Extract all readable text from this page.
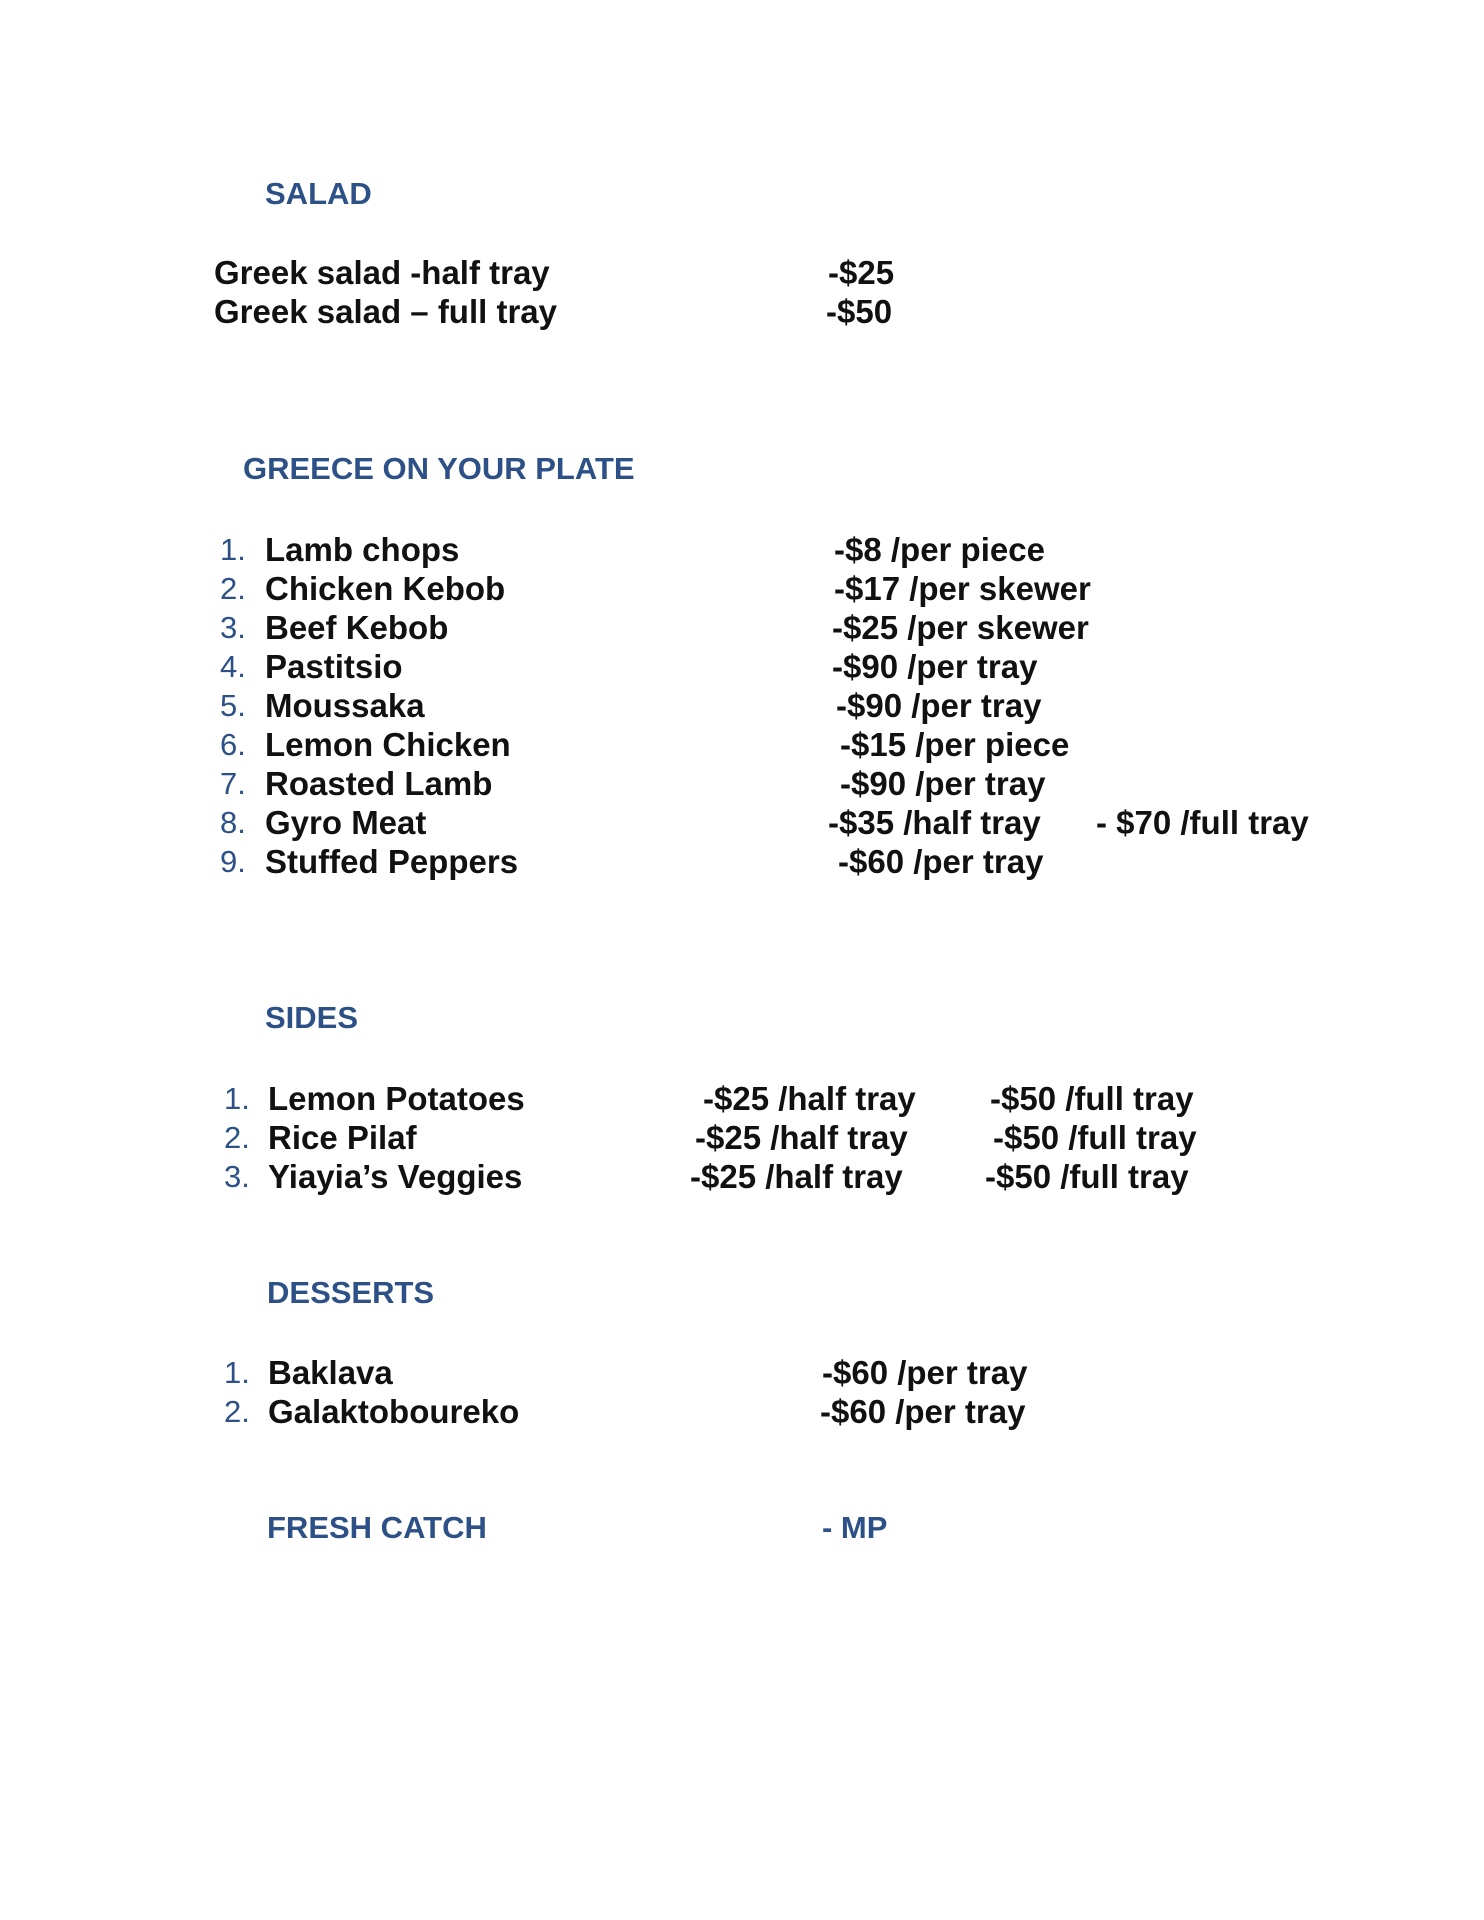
SALAD
Greek salad -half tray	-$25
Greek salad – full tray	-$50
GREECE ON YOUR PLATE
1. Lamb chops	-$8 /per piece
2. Chicken Kebob	-$17 /per skewer
3. Beef Kebob	-$25 /per skewer
4. Pastitsio	-$90 /per tray
5. Moussaka	-$90 /per tray
6. Lemon Chicken	-$15 /per piece
7. Roasted Lamb	-$90 /per tray
8. Gyro Meat	-$35 /half tray - $70 /full tray
9. Stuffed Peppers	-$60 /per tray
SIDES
1. Lemon Potatoes	-$25 /half tray -$50 /full tray
2. Rice Pilaf	-$25 /half tray	-$50 /full tray
3. Yiayia’s Veggies	-$25 /half tray -$50 /full tray
DESSERTS
1. Baklava	-$60 /per tray
2. Galaktoboureko	-$60 /per tray
FRESH CATCH	- MP
